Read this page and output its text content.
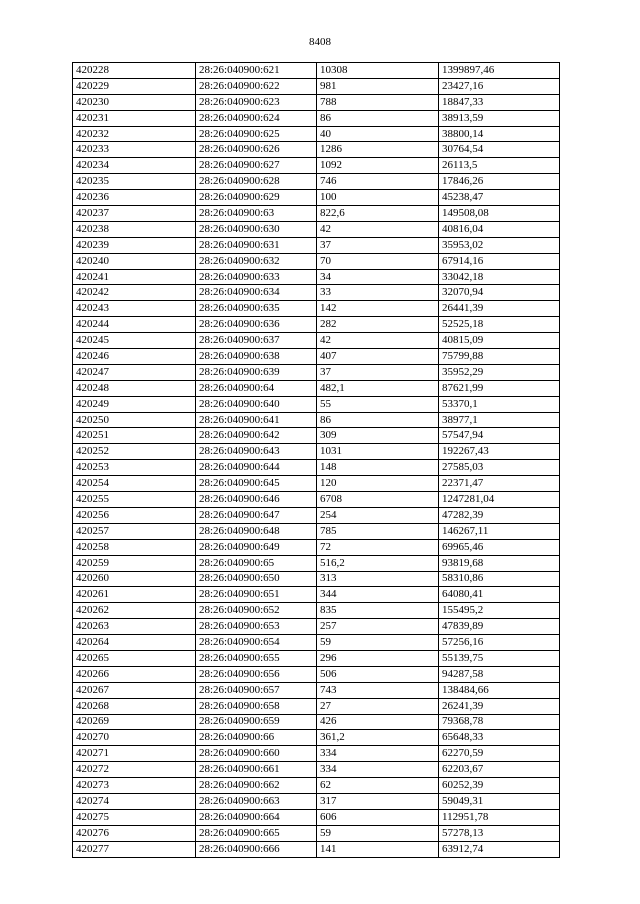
8408
420228	28:26:040900:621	10308	1399897,46
420229	28:26:040900:622	981	23427,16
420230	28:26:040900:623	788	18847,33
420231	28:26:040900:624	86	38913,59
420232	28:26:040900:625	40	38800,14
420233	28:26:040900:626	1286	30764,54
420234	28:26:040900:627	1092	26113,5
420235	28:26:040900:628	746	17846,26
420236	28:26:040900:629	100	45238,47
420237	28:26:040900:63	822,6	149508,08
420238	28:26:040900:630	42	40816,04
420239	28:26:040900:631	37	35953,02
420240	28:26:040900:632	70	67914,16
420241	28:26:040900:633	34	33042,18
420242	28:26:040900:634	33	32070,94
420243	28:26:040900:635	142	26441,39
420244	28:26:040900:636	282	52525,18
420245	28:26:040900:637	42	40815,09
420246	28:26:040900:638	407	75799,88
420247	28:26:040900:639	37	35952,29
420248	28:26:040900:64	482,1	87621,99
420249	28:26:040900:640	55	53370,1
420250	28:26:040900:641	86	38977,1
420251	28:26:040900:642	309	57547,94
420252	28:26:040900:643	1031	192267,43
420253	28:26:040900:644	148	27585,03
420254	28:26:040900:645	120	22371,47
420255	28:26:040900:646	6708	1247281,04
420256	28:26:040900:647	254	47282,39
420257	28:26:040900:648	785	146267,11
420258	28:26:040900:649	72	69965,46
420259	28:26:040900:65	516,2	93819,68
420260	28:26:040900:650	313	58310,86
420261	28:26:040900:651	344	64080,41
420262	28:26:040900:652	835	155495,2
420263	28:26:040900:653	257	47839,89
420264	28:26:040900:654	59	57256,16
420265	28:26:040900:655	296	55139,75
420266	28:26:040900:656	506	94287,58
420267	28:26:040900:657	743	138484,66
420268	28:26:040900:658	27	26241,39
420269	28:26:040900:659	426	79368,78
420270	28:26:040900:66	361,2	65648,33
420271	28:26:040900:660	334	62270,59
420272	28:26:040900:661	334	62203,67
420273	28:26:040900:662	62	60252,39
420274	28:26:040900:663	317	59049,31
420275	28:26:040900:664	606	112951,78
420276	28:26:040900:665	59	57278,13
420277	28:26:040900:666	141	63912,74
